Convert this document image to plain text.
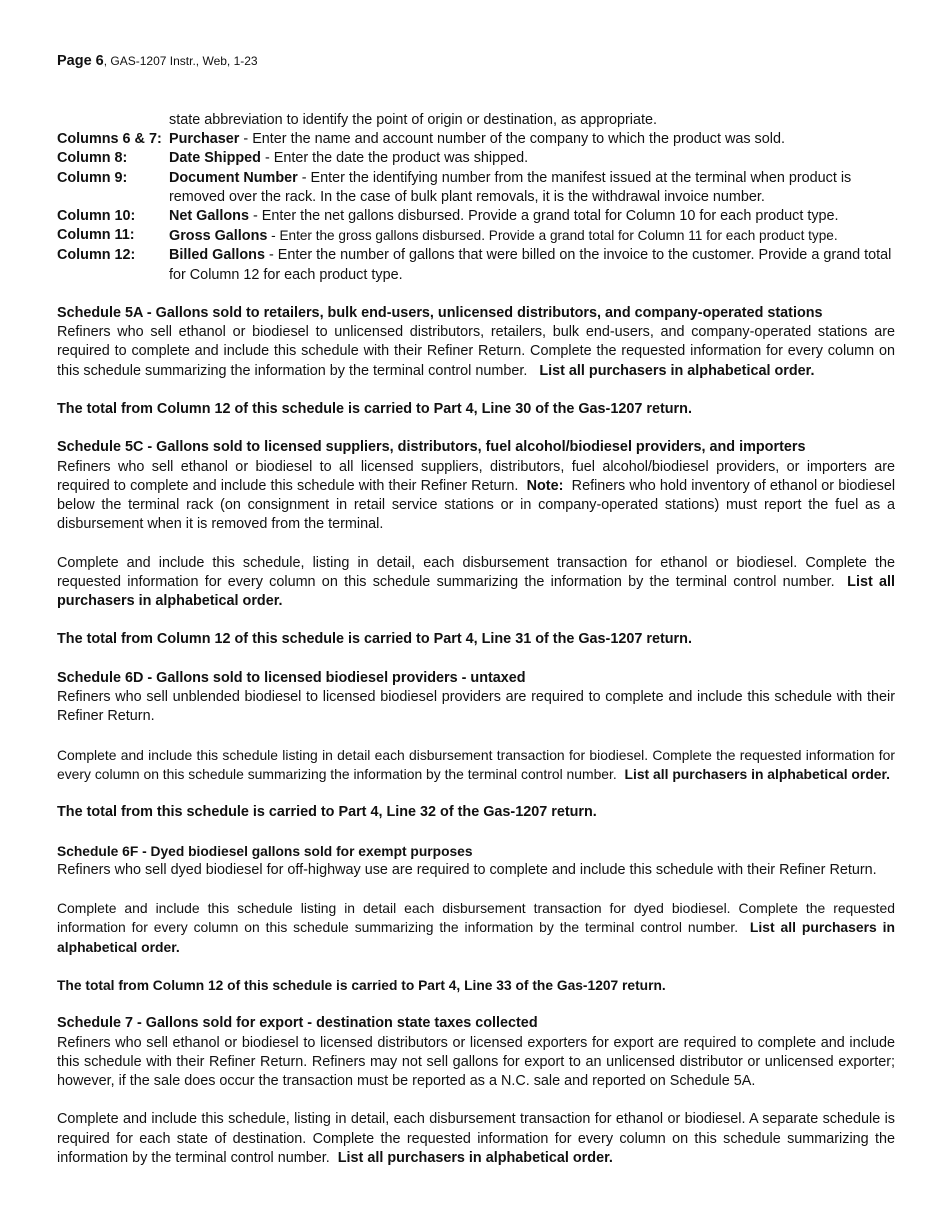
Page 6, GAS-1207 Instr., Web, 1-23
state abbreviation to identify the point of origin or destination, as appropriate.
Columns 6 & 7: Purchaser - Enter the name and account number of the company to which the product was sold.
Column 8:	Date Shipped - Enter the date the product was shipped.
Column 9:	Document Number - Enter the identifying number from the manifest issued at the terminal when product is removed over the rack. In the case of bulk plant removals, it is the withdrawal invoice number.
Column 10:	Net Gallons - Enter the net gallons disbursed. Provide a grand total for Column 10 for each product type.
Column 11:	Gross Gallons - Enter the gross gallons disbursed. Provide a grand total for Column 11 for each product type.
Column 12:	Billed Gallons - Enter the number of gallons that were billed on the invoice to the customer. Provide a grand total for Column 12 for each product type.
Schedule 5A - Gallons sold to retailers, bulk end-users, unlicensed distributors, and company-operated stations

Refiners who sell ethanol or biodiesel to unlicensed distributors, retailers, bulk end-users, and company-operated stations are required to complete and include this schedule with their Refiner Return. Complete the requested information for every column on this schedule summarizing the information by the terminal control number. List all purchasers in alphabetical order.

The total from Column 12 of this schedule is carried to Part 4, Line 30 of the Gas-1207 return.
Schedule 5C - Gallons sold to licensed suppliers, distributors, fuel alcohol/biodiesel providers, and importers

Refiners who sell ethanol or biodiesel to all licensed suppliers, distributors, fuel alcohol/biodiesel providers, or importers are required to complete and include this schedule with their Refiner Return. Note: Refiners who hold inventory of ethanol or biodiesel below the terminal rack (on consignment in retail service stations or in company-operated stations) must report the fuel as a disbursement when it is removed from the terminal.

Complete and include this schedule, listing in detail, each disbursement transaction for ethanol or biodiesel. Complete the requested information for every column on this schedule summarizing the information by the terminal control number. List all purchasers in alphabetical order.

The total from Column 12 of this schedule is carried to Part 4, Line 31 of the Gas-1207 return.
Schedule 6D - Gallons sold to licensed biodiesel providers - untaxed

Refiners who sell unblended biodiesel to licensed biodiesel providers are required to complete and include this schedule with their Refiner Return.

Complete and include this schedule listing in detail each disbursement transaction for biodiesel. Complete the requested information for every column on this schedule summarizing the information by the terminal control number. List all purchasers in alphabetical order.

The total from this schedule is carried to Part 4, Line 32 of the Gas-1207 return.
Schedule 6F - Dyed biodiesel gallons sold for exempt purposes

Refiners who sell dyed biodiesel for off-highway use are required to complete and include this schedule with their Refiner Return.

Complete and include this schedule listing in detail each disbursement transaction for dyed biodiesel. Complete the requested information for every column on this schedule summarizing the information by the terminal control number. List all purchasers in alphabetical order.

The total from Column 12 of this schedule is carried to Part 4, Line 33 of the Gas-1207 return.
Schedule 7 - Gallons sold for export - destination state taxes collected

Refiners who sell ethanol or biodiesel to licensed distributors or licensed exporters for export are required to complete and include this schedule with their Refiner Return. Refiners may not sell gallons for export to an unlicensed distributor or unlicensed exporter; however, if the sale does occur the transaction must be reported as a N.C. sale and reported on Schedule 5A.

Complete and include this schedule, listing in detail, each disbursement transaction for ethanol or biodiesel. A separate schedule is required for each state of destination. Complete the requested information for every column on this schedule summarizing the information by the terminal control number. List all purchasers in alphabetical order.
